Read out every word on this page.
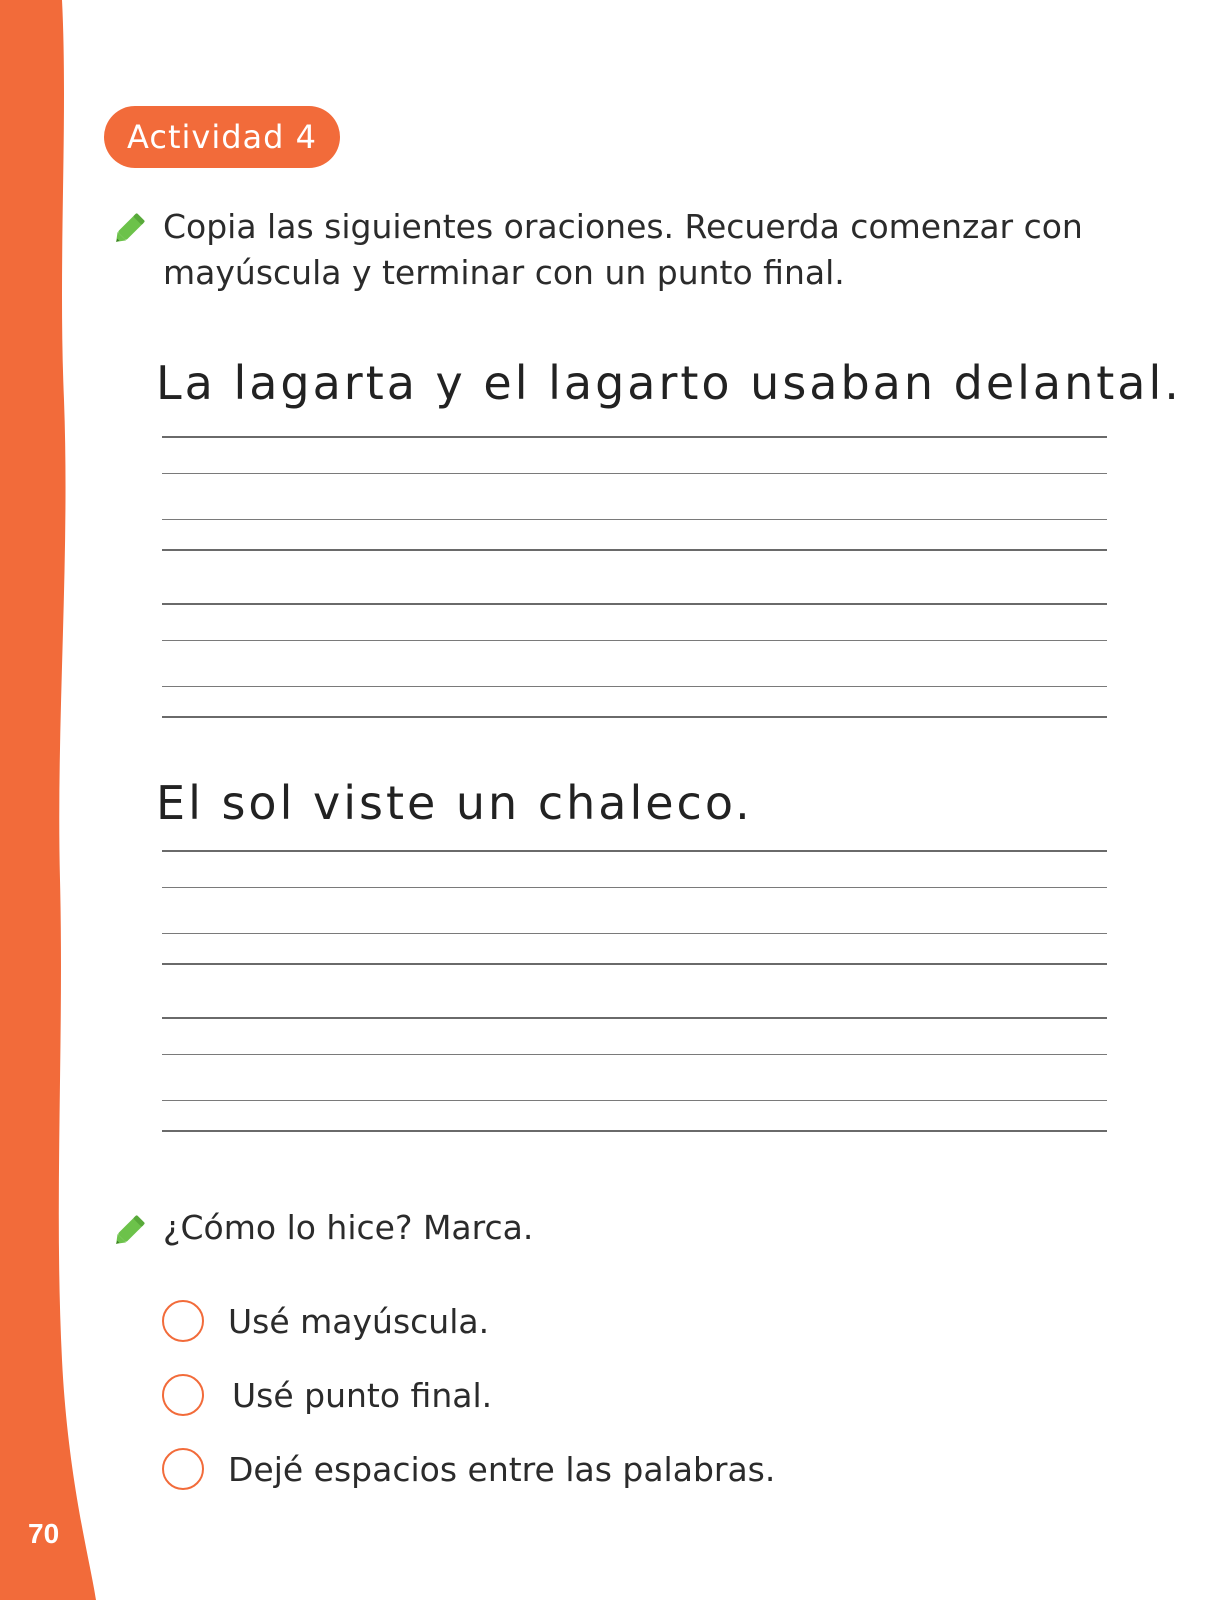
70
Actividad 4
Copia las siguientes oraciones. Recuerda comenzar con
mayúscula y terminar con un punto final.
La lagarta y el lagarto usaban delantal.
El sol viste un chaleco.
¿Cómo lo hice? Marca.
Usé mayúscula.
Usé punto final.
Dejé espacios entre las palabras.
